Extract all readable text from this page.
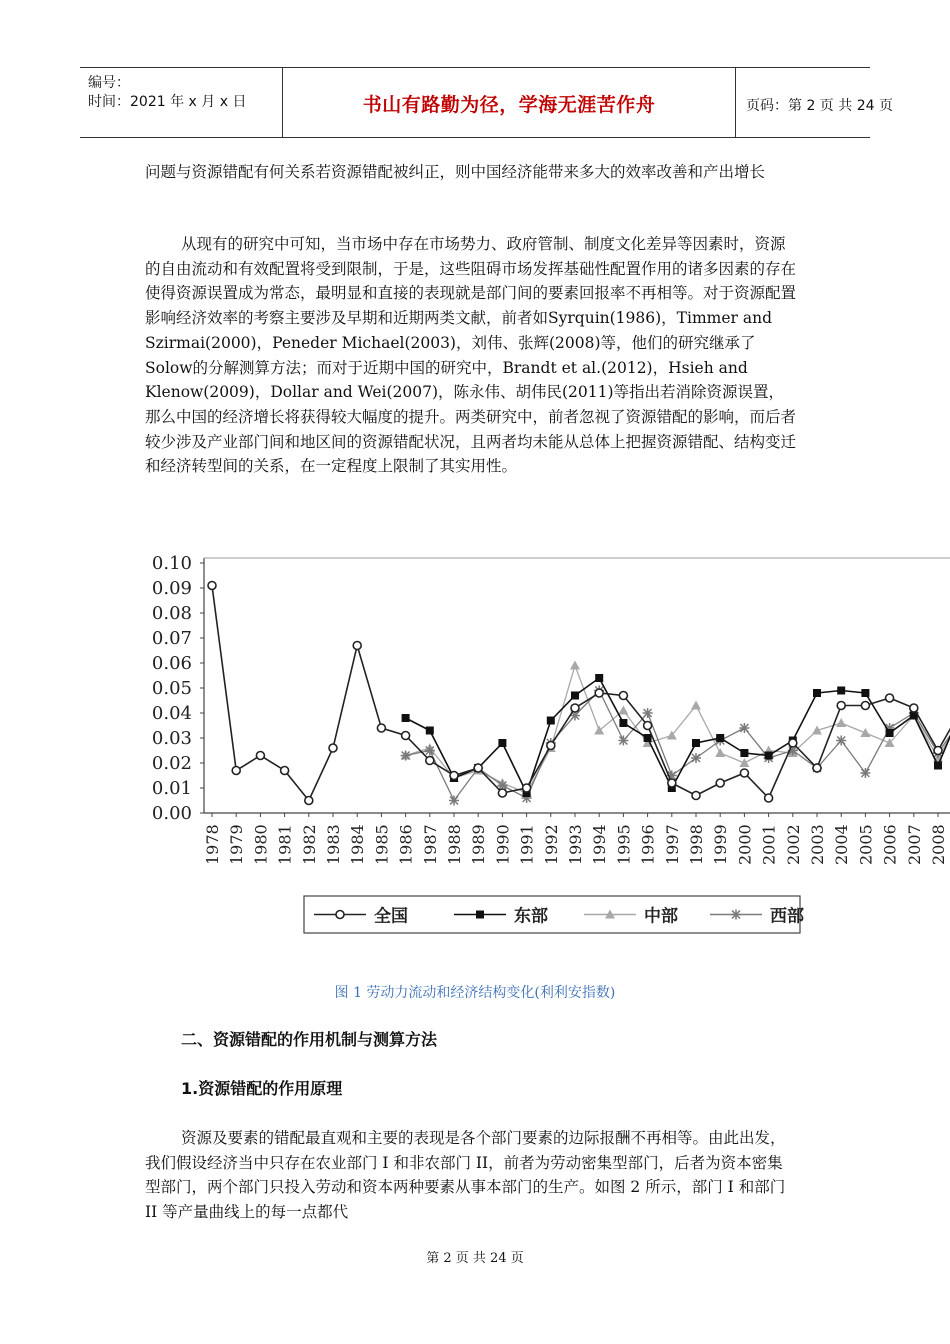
编号：
时间：2021 年 x 月 x 日	书山有路勤为径，学海无涯苦作舟	页码：第 2 页 共 24 页
问题与资源错配有何关系若资源错配被纠正，则中国经济能带来多大的效率改善和产出增长
从现有的研究中可知，当市场中存在市场势力、政府管制、制度文化差异等因素时，资源的自由流动和有效配置将受到限制，于是，这些阻碍市场发挥基础性配置作用的诸多因素的存在使得资源误置成为常态，最明显和直接的表现就是部门间的要素回报率不再相等。对于资源配置影响经济效率的考察主要涉及早期和近期两类文献，前者如Syrquin(1986)，Timmer and Szirmai(2000)，Peneder Michael(2003)，刘伟、张辉(2008)等，他们的研究继承了Solow的分解测算方法；而对于近期中国的研究中，Brandt et al.(2012)，Hsieh and Klenow(2009)，Dollar and Wei(2007)，陈永伟、胡伟民(2011)等指出若消除资源误置，那么中国的经济增长将获得较大幅度的提升。两类研究中，前者忽视了资源错配的影响，而后者较少涉及产业部门间和地区间的资源错配状况，且两者均未能从总体上把握资源错配、结构变迁和经济转型间的关系，在一定程度上限制了其实用性。
0.00
0.01
0.02
0.03
0.04
0.05
0.06
0.07
0.08
0.09
0.10
1978 1979 1980 1981 1982 1983 1984 1985 1986 1987 1988 1989 1990 1991 1992 1993 1994 1995 1996 1997 1998 1999 2000 2001 2002 2003 2004 2005 2006 2007 2008
全国	东部	中部	西部
图 1 劳动力流动和经济结构变化(利利安指数)
二、资源错配的作用机制与测算方法
1.资源错配的作用原理
资源及要素的错配最直观和主要的表现是各个部门要素的边际报酬不再相等。由此出发，我们假设经济当中只存在农业部门 I 和非农部门 II，前者为劳动密集型部门，后者为资本密集型部门，两个部门只投入劳动和资本两种要素从事本部门的生产。如图 2 所示，部门 I 和部门 II 等产量曲线上的每一点都代
第 2 页 共 24 页
